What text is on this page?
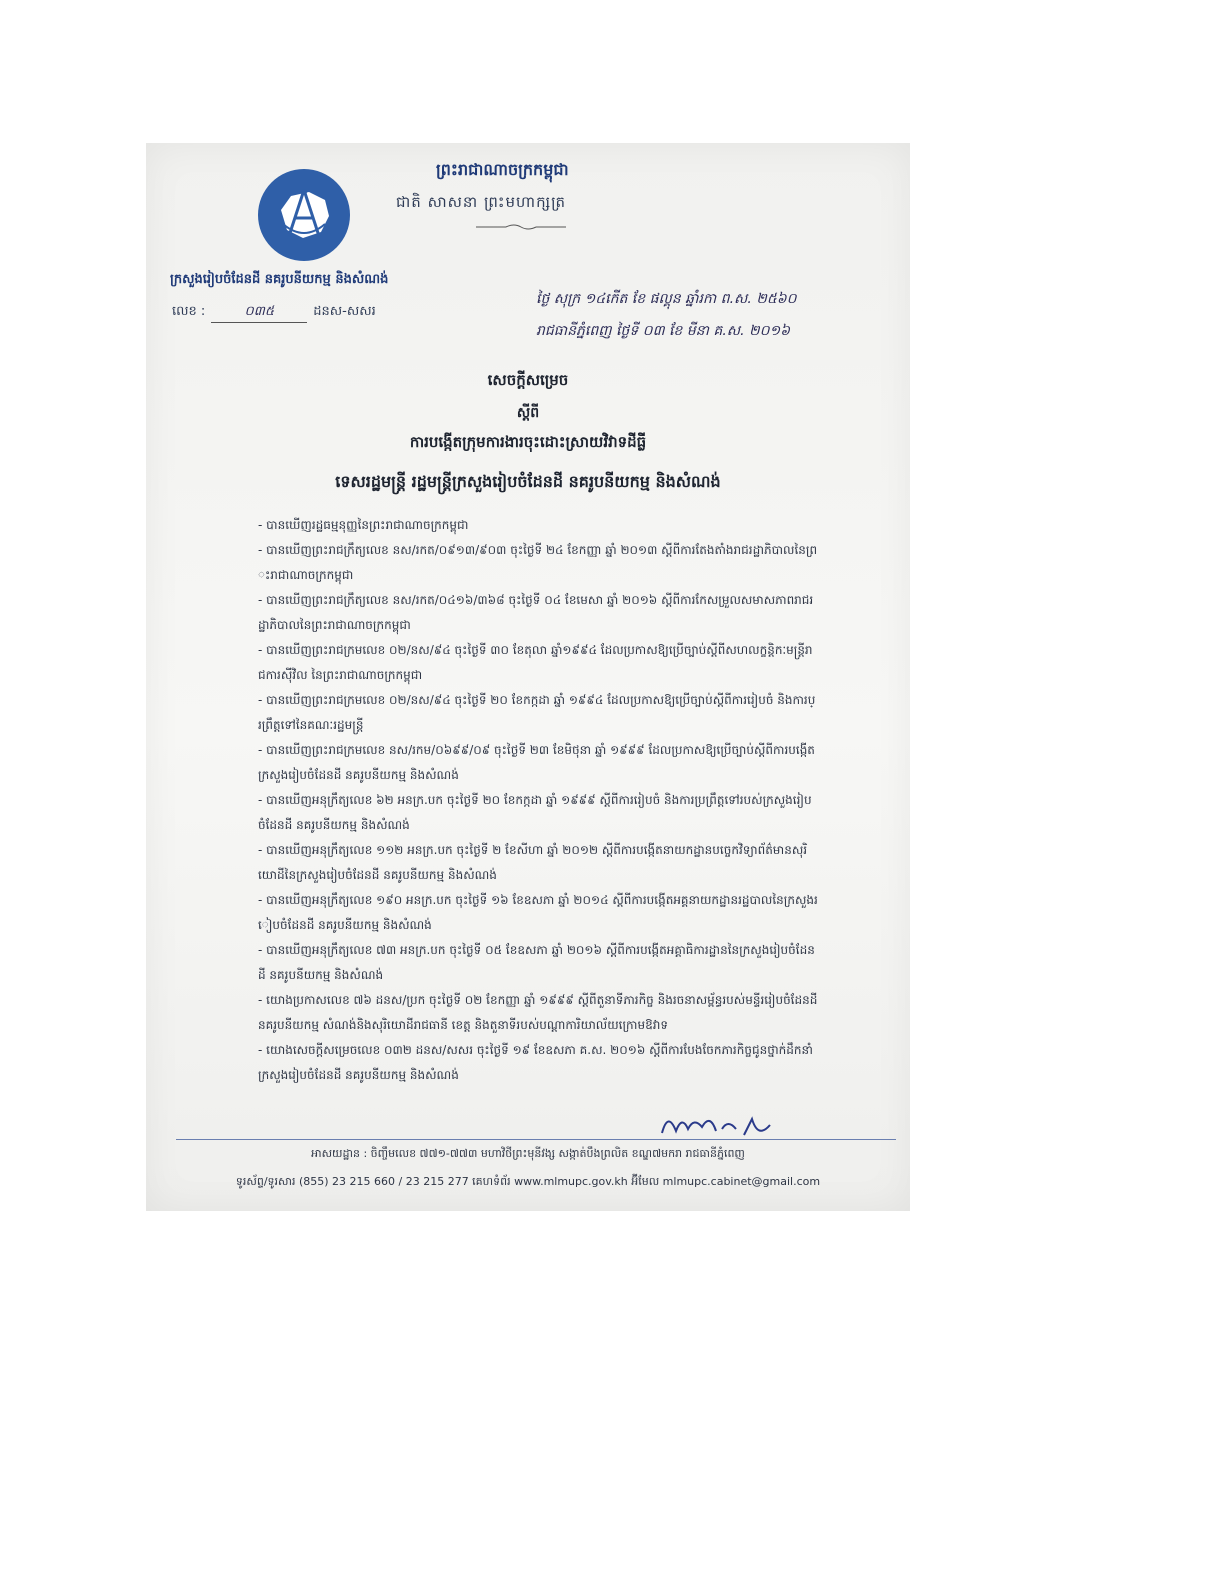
ព្រះរាជាណាចក្រកម្ពុជា
ជាតិ សាសនា ព្រះមហាក្សត្រ
ក្រសួងរៀបចំដែនដី នគរូបនីយកម្ម និងសំណង់
លេខ :	០៣៥	ដនស-សសរ
ថ្ងៃ សុក្រ ១៤កើត ខែ ផល្គុន ឆ្នាំរកា ព.ស. ២៥៦០
រាជធានីភ្នំពេញ ថ្ងៃទី ០៣ ខែ មីនា គ.ស. ២០១៦
សេចក្តីសម្រេច
ស្តីពី
ការបង្កើតក្រុមការងារចុះដោះស្រាយវិវាទដីធ្លី
ទេសរដ្ឋមន្ត្រី រដ្ឋមន្ត្រីក្រសួងរៀបចំដែនដី នគរូបនីយកម្ម និងសំណង់
- បានឃើញរដ្ឋធម្មនុញ្ញនៃព្រះរាជាណាចក្រកម្ពុជា
- បានឃើញព្រះរាជក្រឹត្យលេខ នស/រកត/០៩១៣/៩០៣ ចុះថ្ងៃទី ២៤ ខែកញ្ញា ឆ្នាំ ២០១៣ ស្តីពីការតែងតាំងរាជរដ្ឋាភិបាលនៃព្រះរាជាណាចក្រកម្ពុជា
- បានឃើញព្រះរាជក្រឹត្យលេខ នស/រកត/០៤១៦/៣៦៨ ចុះថ្ងៃទី ០៤ ខែមេសា ឆ្នាំ ២០១៦ ស្តីពីការកែសម្រួលសមាសភាពរាជរដ្ឋាភិបាលនៃព្រះរាជាណាចក្រកម្ពុជា
- បានឃើញព្រះរាជក្រមលេខ ០២/នស/៩៤ ចុះថ្ងៃទី ៣០ ខែតុលា ឆ្នាំ១៩៩៤ ដែលប្រកាសឱ្យប្រើច្បាប់ស្តីពីសហលក្ខន្តិកៈមន្ត្រីរាជការស៊ីវិល នៃព្រះរាជាណាចក្រកម្ពុជា
- បានឃើញព្រះរាជក្រមលេខ ០២/នស/៩៤ ចុះថ្ងៃទី ២០ ខែកក្កដា ឆ្នាំ ១៩៩៤ ដែលប្រកាសឱ្យប្រើច្បាប់ស្តីពីការរៀបចំ និងការប្រព្រឹត្តទៅនៃគណៈរដ្ឋមន្ត្រី
- បានឃើញព្រះរាជក្រមលេខ នស/រកម/០៦៩៩/០៩ ចុះថ្ងៃទី ២៣ ខែមិថុនា ឆ្នាំ ១៩៩៩ ដែលប្រកាសឱ្យប្រើច្បាប់ស្តីពីការបង្កើតក្រសួងរៀបចំដែនដី នគរូបនីយកម្ម និងសំណង់
- បានឃើញអនុក្រឹត្យលេខ ៦២ អនក្រ.បក ចុះថ្ងៃទី ២០ ខែកក្កដា ឆ្នាំ ១៩៩៩ ស្តីពីការរៀបចំ និងការប្រព្រឹត្តទៅរបស់ក្រសួងរៀបចំដែនដី នគរូបនីយកម្ម និងសំណង់
- បានឃើញអនុក្រឹត្យលេខ ១១២ អនក្រ.បក ចុះថ្ងៃទី ២ ខែសីហា ឆ្នាំ ២០១២ ស្តីពីការបង្កើតនាយកដ្ឋានបច្ចេកវិទ្យាព័ត៌មានសុរិយោដីនៃក្រសួងរៀបចំដែនដី នគរូបនីយកម្ម និងសំណង់
- បានឃើញអនុក្រឹត្យលេខ ១៩០ អនក្រ.បក ចុះថ្ងៃទី ១៦ ខែឧសភា ឆ្នាំ ២០១៤ ស្តីពីការបង្កើតអគ្គនាយកដ្ឋានរដ្ឋបាលនៃក្រសួងរៀបចំដែនដី នគរូបនីយកម្ម និងសំណង់
- បានឃើញអនុក្រឹត្យលេខ ៧៣ អនក្រ.បក ចុះថ្ងៃទី ០៥ ខែឧសភា ឆ្នាំ ២០១៦ ស្តីពីការបង្កើតអគ្គាធិការដ្ឋាននៃក្រសួងរៀបចំដែនដី នគរូបនីយកម្ម និងសំណង់
- យោងប្រកាសលេខ ៧៦ ដនស/ប្រក ចុះថ្ងៃទី ០២ ខែកញ្ញា ឆ្នាំ ១៩៩៩ ស្តីពីតួនាទីភារកិច្ច និងរចនាសម្ព័ន្ធរបស់មន្ទីររៀបចំដែនដី នគរូបនីយកម្ម សំណង់និងសុរិយោដីរាជធានី ខេត្ត និងតួនាទីរបស់បណ្តាការិយាល័យក្រោមឱវាទ
- យោងសេចក្តីសម្រេចលេខ ០៣២ ដនស/សសរ ចុះថ្ងៃទី ១៩ ខែឧសភា គ.ស. ២០១៦ ស្តីពីការបែងចែកភារកិច្ចជូនថ្នាក់ដឹកនាំក្រសួងរៀបចំដែនដី នគរូបនីយកម្ម និងសំណង់
អាសយដ្ឋាន : ចិញ្ចឹមលេខ ៧៧១-៧៧៣ មហាវិថីព្រះមុនីវង្ស សង្កាត់បឹងព្រលិត ខណ្ឌ៧មករា រាជធានីភ្នំពេញ
ទូរស័ព្ទ/ទូរសារ (855) 23 215 660 / 23 215 277 គេហទំព័រ www.mlmupc.gov.kh អ៊ីមែល mlmupc.cabinet@gmail.com
